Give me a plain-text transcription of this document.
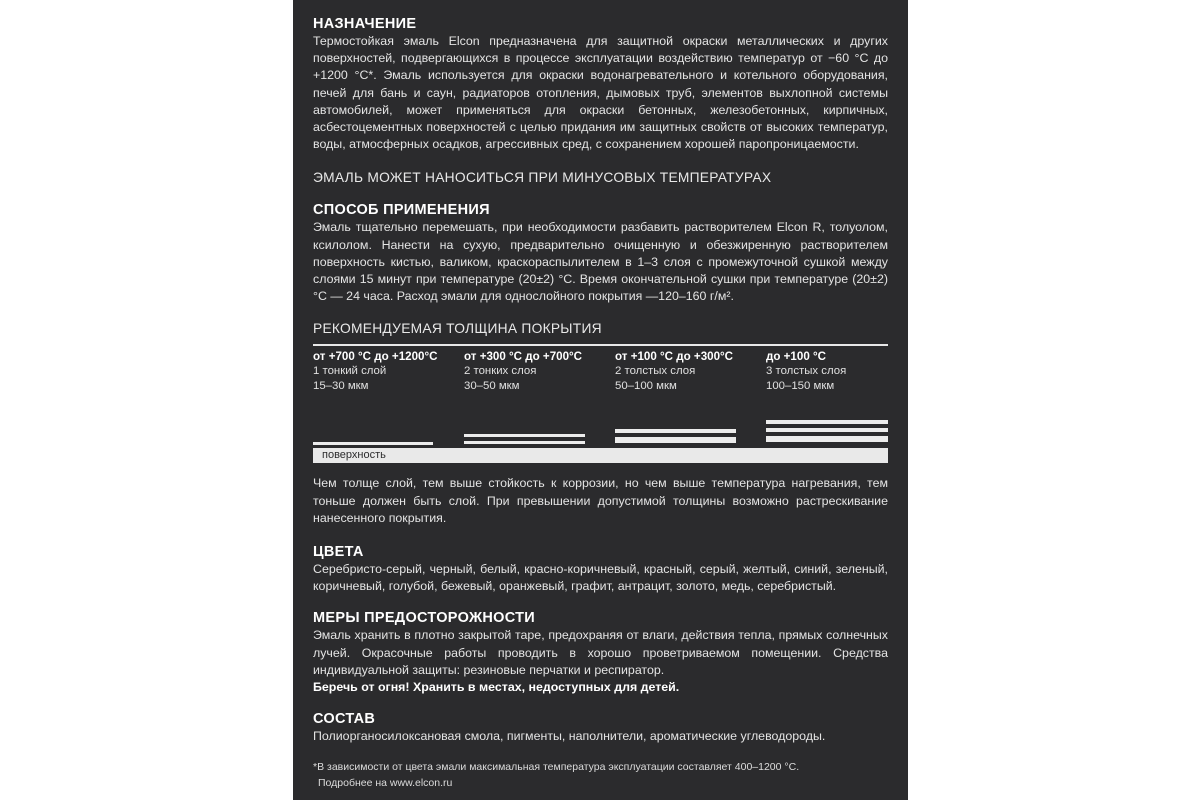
НАЗНАЧЕНИЕ

Термостойкая эмаль Elcon предназначена для защитной окраски металлических и других поверхностей, подвергающихся в процессе эксплуатации воздействию температур от −60 °С до +1200 °С*. Эмаль используется для окраски водонагревательного и котельного оборудования, печей для бань и саун, радиаторов отопления, дымовых труб, элементов выхлопной системы автомобилей, может применяться для окраски бетонных, железобетонных, кирпичных, асбестоцементных поверхностей с целью придания им защитных свойств от высоких температур, воды, атмосферных осадков, агрессивных сред, с сохранением хорошей паропроницаемости.

ЭМАЛЬ МОЖЕТ НАНОСИТЬСЯ ПРИ МИНУСОВЫХ ТЕМПЕРАТУРАХ

СПОСОБ ПРИМЕНЕНИЯ

Эмаль тщательно перемешать, при необходимости разбавить растворителем Elcon R, толуолом, ксилолом. Нанести на сухую, предварительно очищенную и обезжиренную растворителем поверхность кистью, валиком, краскораспылителем в 1–3 слоя с промежуточной сушкой между слоями 15 минут при температуре (20±2) °С. Время окончательной сушки при температуре (20±2) °С — 24 часа. Расход эмали для однослойного покрытия —120–160 г/м².

РЕКОМЕНДУЕМАЯ ТОЛЩИНА ПОКРЫТИЯ

от +700 °С до +1200°С
1 тонкий слой
15–30 мкм
от +300 °С до +700°С
2 тонких слоя
30–50 мкм
от +100 °С до +300°С
2 толстых слоя
50–100 мкм
до +100 °С
3 толстых слоя
100–150 мкм
поверхность

Чем толще слой, тем выше стойкость к коррозии, но чем выше температура нагревания, тем тоньше должен быть слой. При превышении допустимой толщины возможно растрескивание нанесенного покрытия.

ЦВЕТА

Серебристо-серый, черный, белый, красно-коричневый, красный, серый, желтый, синий, зеленый, коричневый, голубой, бежевый, оранжевый, графит, антрацит, золото, медь, серебристый.

МЕРЫ ПРЕДОСТОРОЖНОСТИ

Эмаль хранить в плотно закрытой таре, предохраняя от влаги, действия тепла, прямых солнечных лучей. Окрасочные работы проводить в хорошо проветриваемом помещении. Средства индивидуальной защиты: резиновые перчатки и респиратор.

Беречь от огня! Хранить в местах, недоступных для детей.

СОСТАВ

Полиорганосилоксановая смола, пигменты, наполнители, ароматические углеводороды.

*В зависимости от цвета эмали максимальная температура эксплуатации составляет 400–1200 °С.

Подробнее на www.elcon.ru
